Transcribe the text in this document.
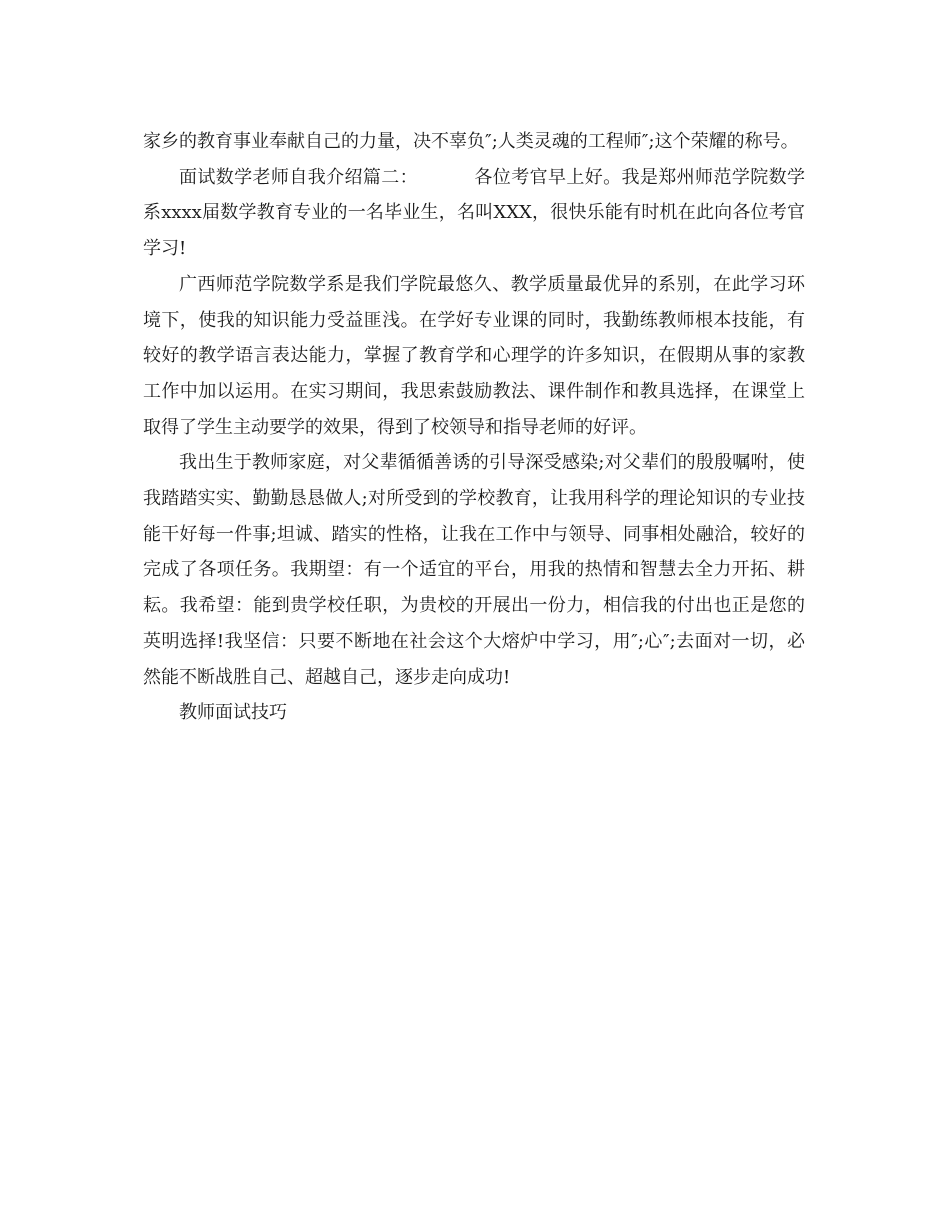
家乡的教育事业奉献自己的力量，决不辜负″;人类灵魂的工程师″;这个荣耀的称号。

面试数学老师自我介绍篇二：	各位考官早上好。我是郑州师范学院数学系xxxx届数学教育专业的一名毕业生，名叫XXX，很快乐能有时机在此向各位考官学习!

广西师范学院数学系是我们学院最悠久、教学质量最优异的系别，在此学习环境下，使我的知识能力受益匪浅。在学好专业课的同时，我勤练教师根本技能，有较好的教学语言表达能力，掌握了教育学和心理学的许多知识，在假期从事的家教工作中加以运用。在实习期间，我思索鼓励教法、课件制作和教具选择，在课堂上取得了学生主动要学的效果，得到了校领导和指导老师的好评。

我出生于教师家庭，对父辈循循善诱的引导深受感染;对父辈们的殷殷嘱咐，使我踏踏实实、勤勤恳恳做人;对所受到的学校教育，让我用科学的理论知识的专业技能干好每一件事;坦诚、踏实的性格，让我在工作中与领导、同事相处融洽，较好的完成了各项任务。我期望：有一个适宜的平台，用我的热情和智慧去全力开拓、耕耘。我希望：能到贵学校任职，为贵校的开展出一份力，相信我的付出也正是您的英明选择!我坚信：只要不断地在社会这个大熔炉中学习，用″;心″;去面对一切，必然能不断战胜自己、超越自己，逐步走向成功!

教师面试技巧
